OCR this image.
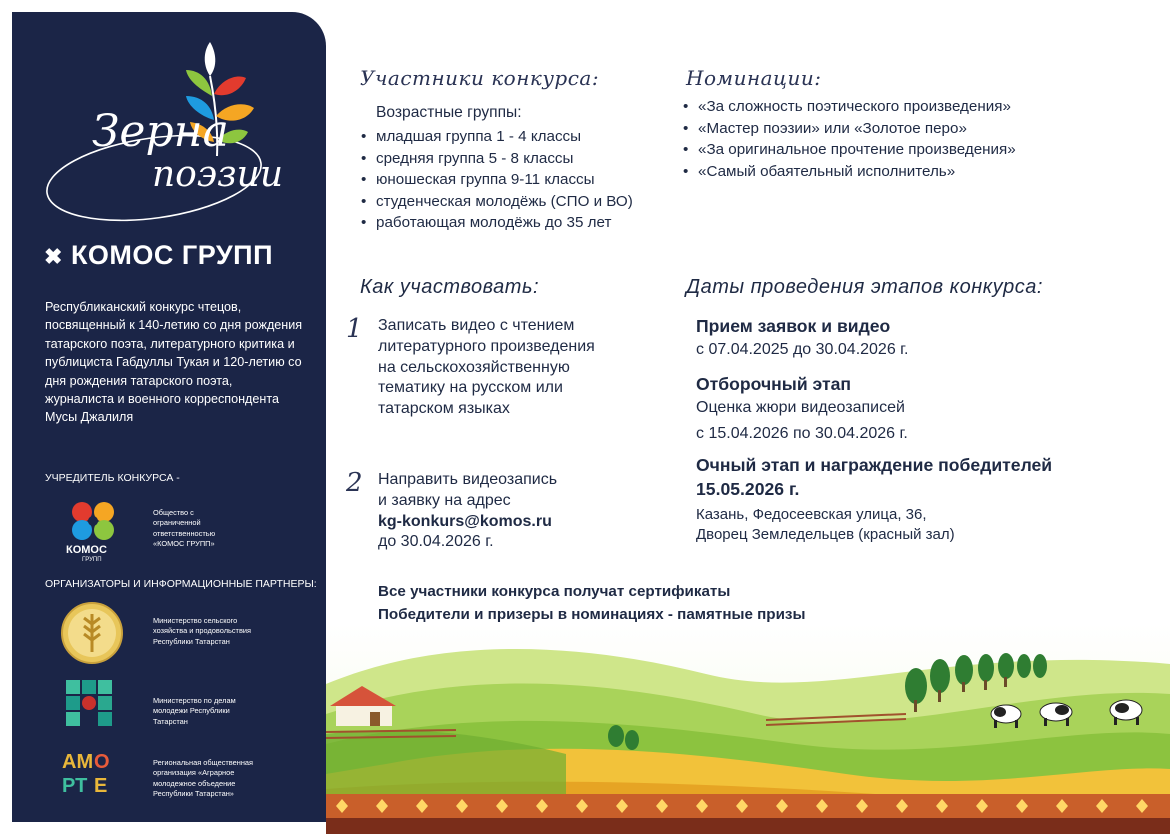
Зерна
поэзии
✖ КОМОС ГРУПП
Республиканский конкурс чтецов, посвященный к 140-летию со дня рождения татарского поэта, литературного критика и публициста Габдуллы Тукая и 120-летию со дня рождения татарского поэта, журналиста и военного корреспондента Мусы Джалиля
УЧРЕДИТЕЛЬ КОНКУРСА -
КОМОС
ГРУПП
Общество с ограниченной ответственностью «КОМОС ГРУПП»
ОРГАНИЗАТОРЫ И ИНФОРМАЦИОННЫЕ ПАРТНЕРЫ:
Министерство сельского хозяйства и продовольствия Республики Татарстан
Министерство по делам молодежи Республики Татарстан
АМ
РТ
О
Е
Региональная общественная организация «Аграрное молодежное объедение Республики Татарстан»
Участники конкурса:
Возрастные группы:
• младшая группа 1 - 4 классы
• средняя группа 5 - 8 классы
• юношеская группа 9-11 классы
• студенческая молодёжь (СПО и ВО)
• работающая молодёжь до 35 лет
Номинации:
• «За сложность поэтического произведения»
• «Мастер поэзии» или «Золотое перо»
• «За оригинальное прочтение произведения»
• «Самый обаятельный исполнитель»
Как участвовать:
1 Записать видео с чтением литературного произведения на сельскохозяйственную тематику на русском или татарском языках
2 Направить видеозапись
и заявку на адрес
kg-konkurs@komos.ru
до 30.04.2026 г.
Даты проведения этапов конкурса:
Прием заявок и видео
с 07.04.2025 до 30.04.2026 г.
Отборочный этап
Оценка жюри видеозаписей
с 15.04.2026 по 30.04.2026 г.
Очный этап и награждение победителей
15.05.2026 г.
Казань, Федосеевская улица, 36,
Дворец Земледельцев (красный зал)
Все участники конкурса получат сертификаты
Победители и призеры в номинациях - памятные призы
